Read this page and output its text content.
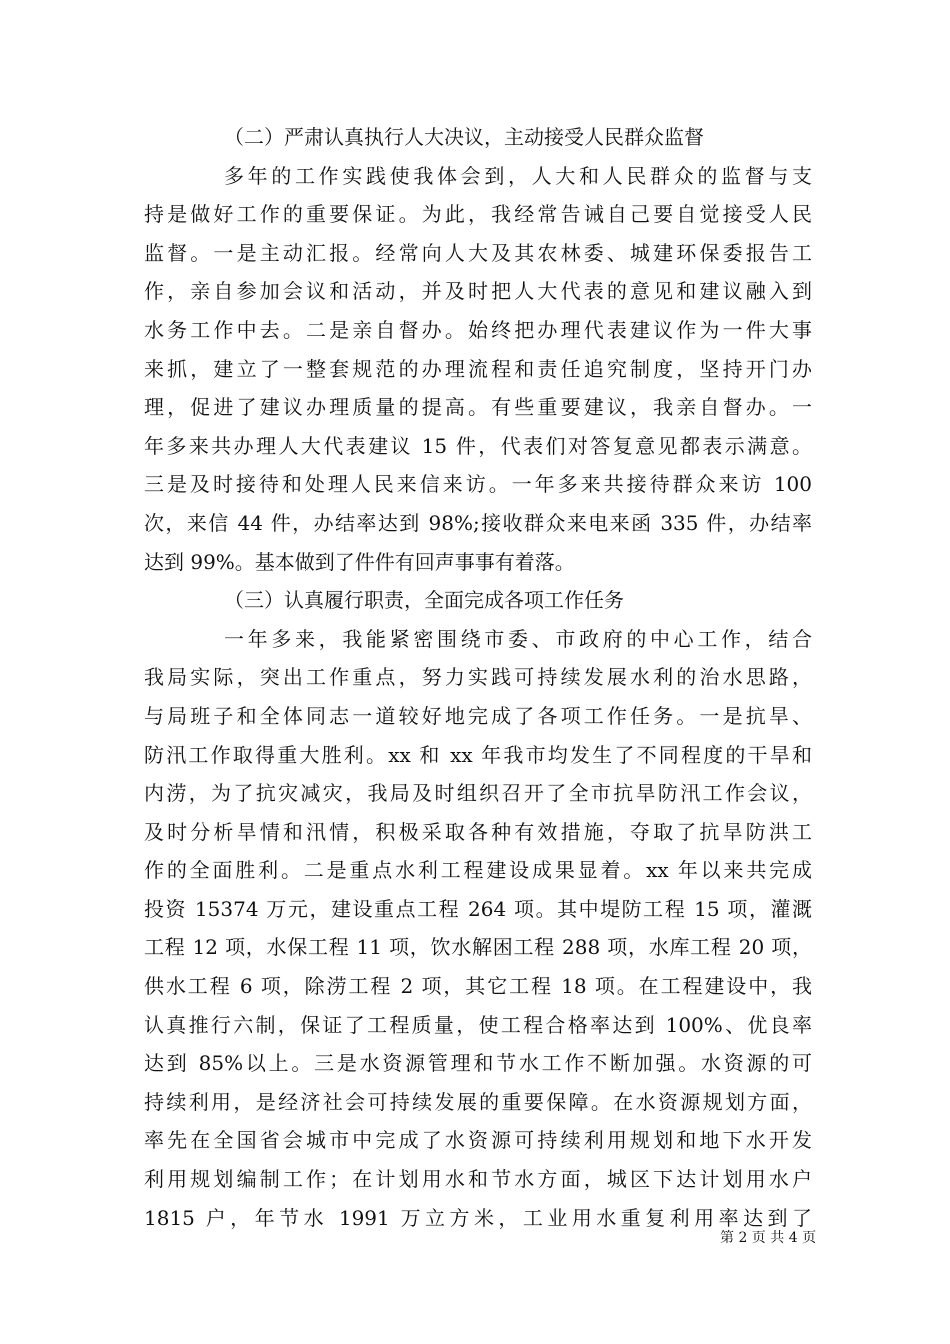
（二）严肃认真执行人大决议，主动接受人民群众监督
多年的工作实践使我体会到，人大和人民群众的监督与支
持是做好工作的重要保证。为此，我经常告诫自己要自觉接受人民
监督。一是主动汇报。经常向人大及其农林委、城建环保委报告工
作，亲自参加会议和活动，并及时把人大代表的意见和建议融入到
水务工作中去。二是亲自督办。始终把办理代表建议作为一件大事
来抓，建立了一整套规范的办理流程和责任追究制度，坚持开门办
理，促进了建议办理质量的提高。有些重要建议，我亲自督办。一
年多来共办理人大代表建议 15 件，代表们对答复意见都表示满意。
三是及时接待和处理人民来信来访。一年多来共接待群众来访 100
次，来信 44 件，办结率达到 98%;接收群众来电来函 335 件，办结率
达到 99%。基本做到了件件有回声事事有着落。
（三）认真履行职责，全面完成各项工作任务
一年多来，我能紧密围绕市委、市政府的中心工作，结合
我局实际，突出工作重点，努力实践可持续发展水利的治水思路，
与局班子和全体同志一道较好地完成了各项工作任务。一是抗旱、
防汛工作取得重大胜利。xx 和 xx 年我市均发生了不同程度的干旱和
内涝，为了抗灾减灾，我局及时组织召开了全市抗旱防汛工作会议，
及时分析旱情和汛情，积极采取各种有效措施，夺取了抗旱防洪工
作的全面胜利。二是重点水利工程建设成果显着。xx 年以来共完成
投资 15374 万元，建设重点工程 264 项。其中堤防工程 15 项，灌溉
工程 12 项，水保工程 11 项，饮水解困工程 288 项，水库工程 20 项，
供水工程 6 项，除涝工程 2 项，其它工程 18 项。在工程建设中，我
认真推行六制，保证了工程质量，使工程合格率达到 100%、优良率
达到 85%以上。三是水资源管理和节水工作不断加强。水资源的可
持续利用，是经济社会可持续发展的重要保障。在水资源规划方面，
率先在全国省会城市中完成了水资源可持续利用规划和地下水开发
利用规划编制工作；在计划用水和节水方面，城区下达计划用水户
1815 户，年节水 1991 万立方米，工业用水重复利用率达到了
第 2 页 共 4 页
